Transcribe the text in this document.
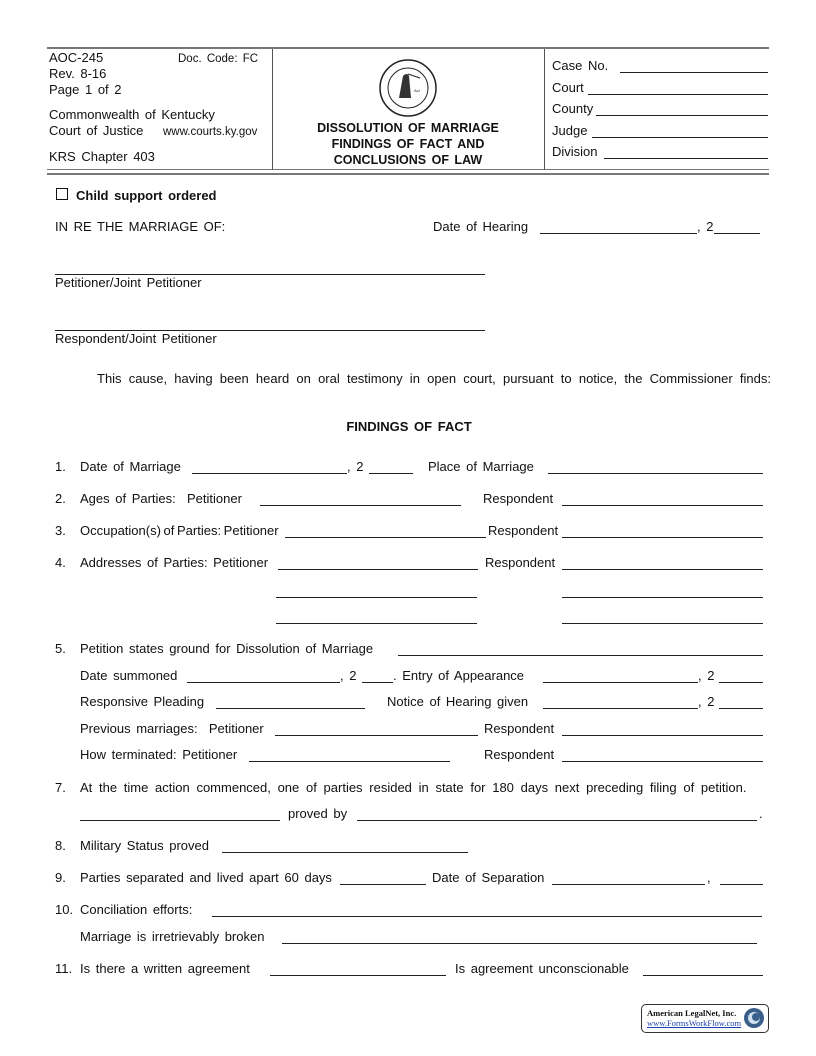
AOC-245	Doc. Code: FC
Rev. 8-16
Page 1 of 2
Commonwealth of Kentucky
Court of Justice www.courts.ky.gov
KRS Chapter 403
Act
DISSOLUTION OF MARRIAGE
FINDINGS OF FACT AND
CONCLUSIONS OF LAW
Case No.
Court
County
Judge
Division
Child support ordered
IN RE THE MARRIAGE OF:	Date of Hearing	, 2
Petitioner/Joint Petitioner
Respondent/Joint Petitioner
This cause, having been heard on oral testimony in open court, pursuant to notice, the Commissioner finds:
FINDINGS OF FACT
1. Date of Marriage	, 2	Place of Marriage
2. Ages of Parties:  Petitioner	Respondent
3. Occupation(s) of Parties: Petitioner	Respondent
4. Addresses of Parties: Petitioner	Respondent
5. Petition states ground for Dissolution of Marriage
Date summoned	, 2	. Entry of Appearance	, 2
Responsive Pleading	Notice of Hearing given	, 2
Previous marriages:  Petitioner	Respondent
How terminated: Petitioner	Respondent
7. At the time action commenced, one of parties resided in state for 180 days next preceding filing of petition.
proved by	.
8. Military Status proved
9. Parties separated and lived apart 60 days	Date of Separation	,
10. Conciliation efforts:
Marriage is irretrievably broken
11. Is there a written agreement	Is agreement unconscionable
American LegalNet, Inc.
www.FormsWorkFlow.com
